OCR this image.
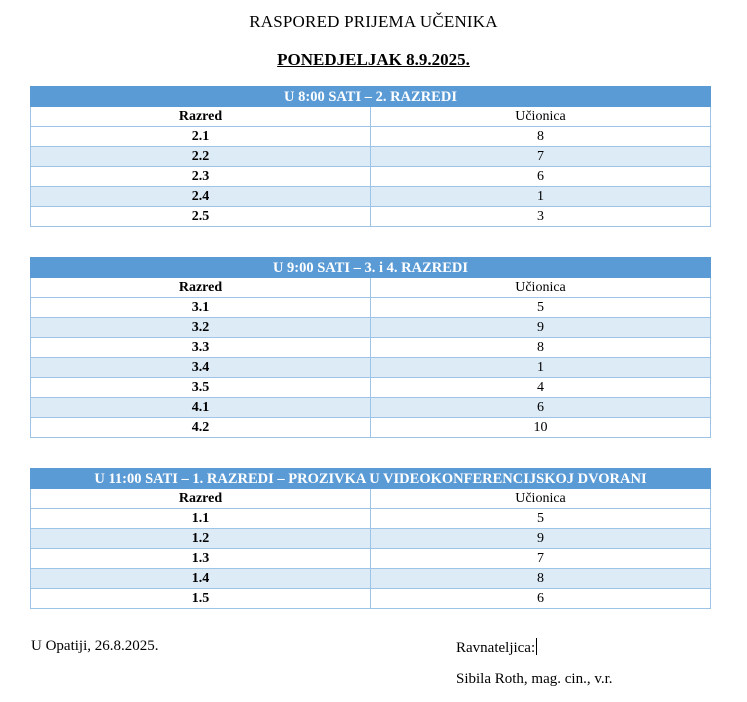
RASPORED PRIJEMA UČENIKA
PONEDJELJAK 8.9.2025.
U 8:00 SATI – 2. RAZREDI	
Razred	Učionica
2.1	8
2.2	7
2.3	6
2.4	1
2.5	3
U 9:00 SATI – 3. i 4. RAZREDI	
Razred	Učionica
3.1	5
3.2	9
3.3	8
3.4	1
3.5	4
4.1	6
4.2	10
U 11:00 SATI – 1. RAZREDI – PROZIVKA U VIDEOKONFERENCIJSKOJ DVORANI	
Razred	Učionica
1.1	5
1.2	9
1.3	7
1.4	8
1.5	6
U Opatiji, 26.8.2025.	Ravnateljica:
Sibila Roth, mag. cin., v.r.
